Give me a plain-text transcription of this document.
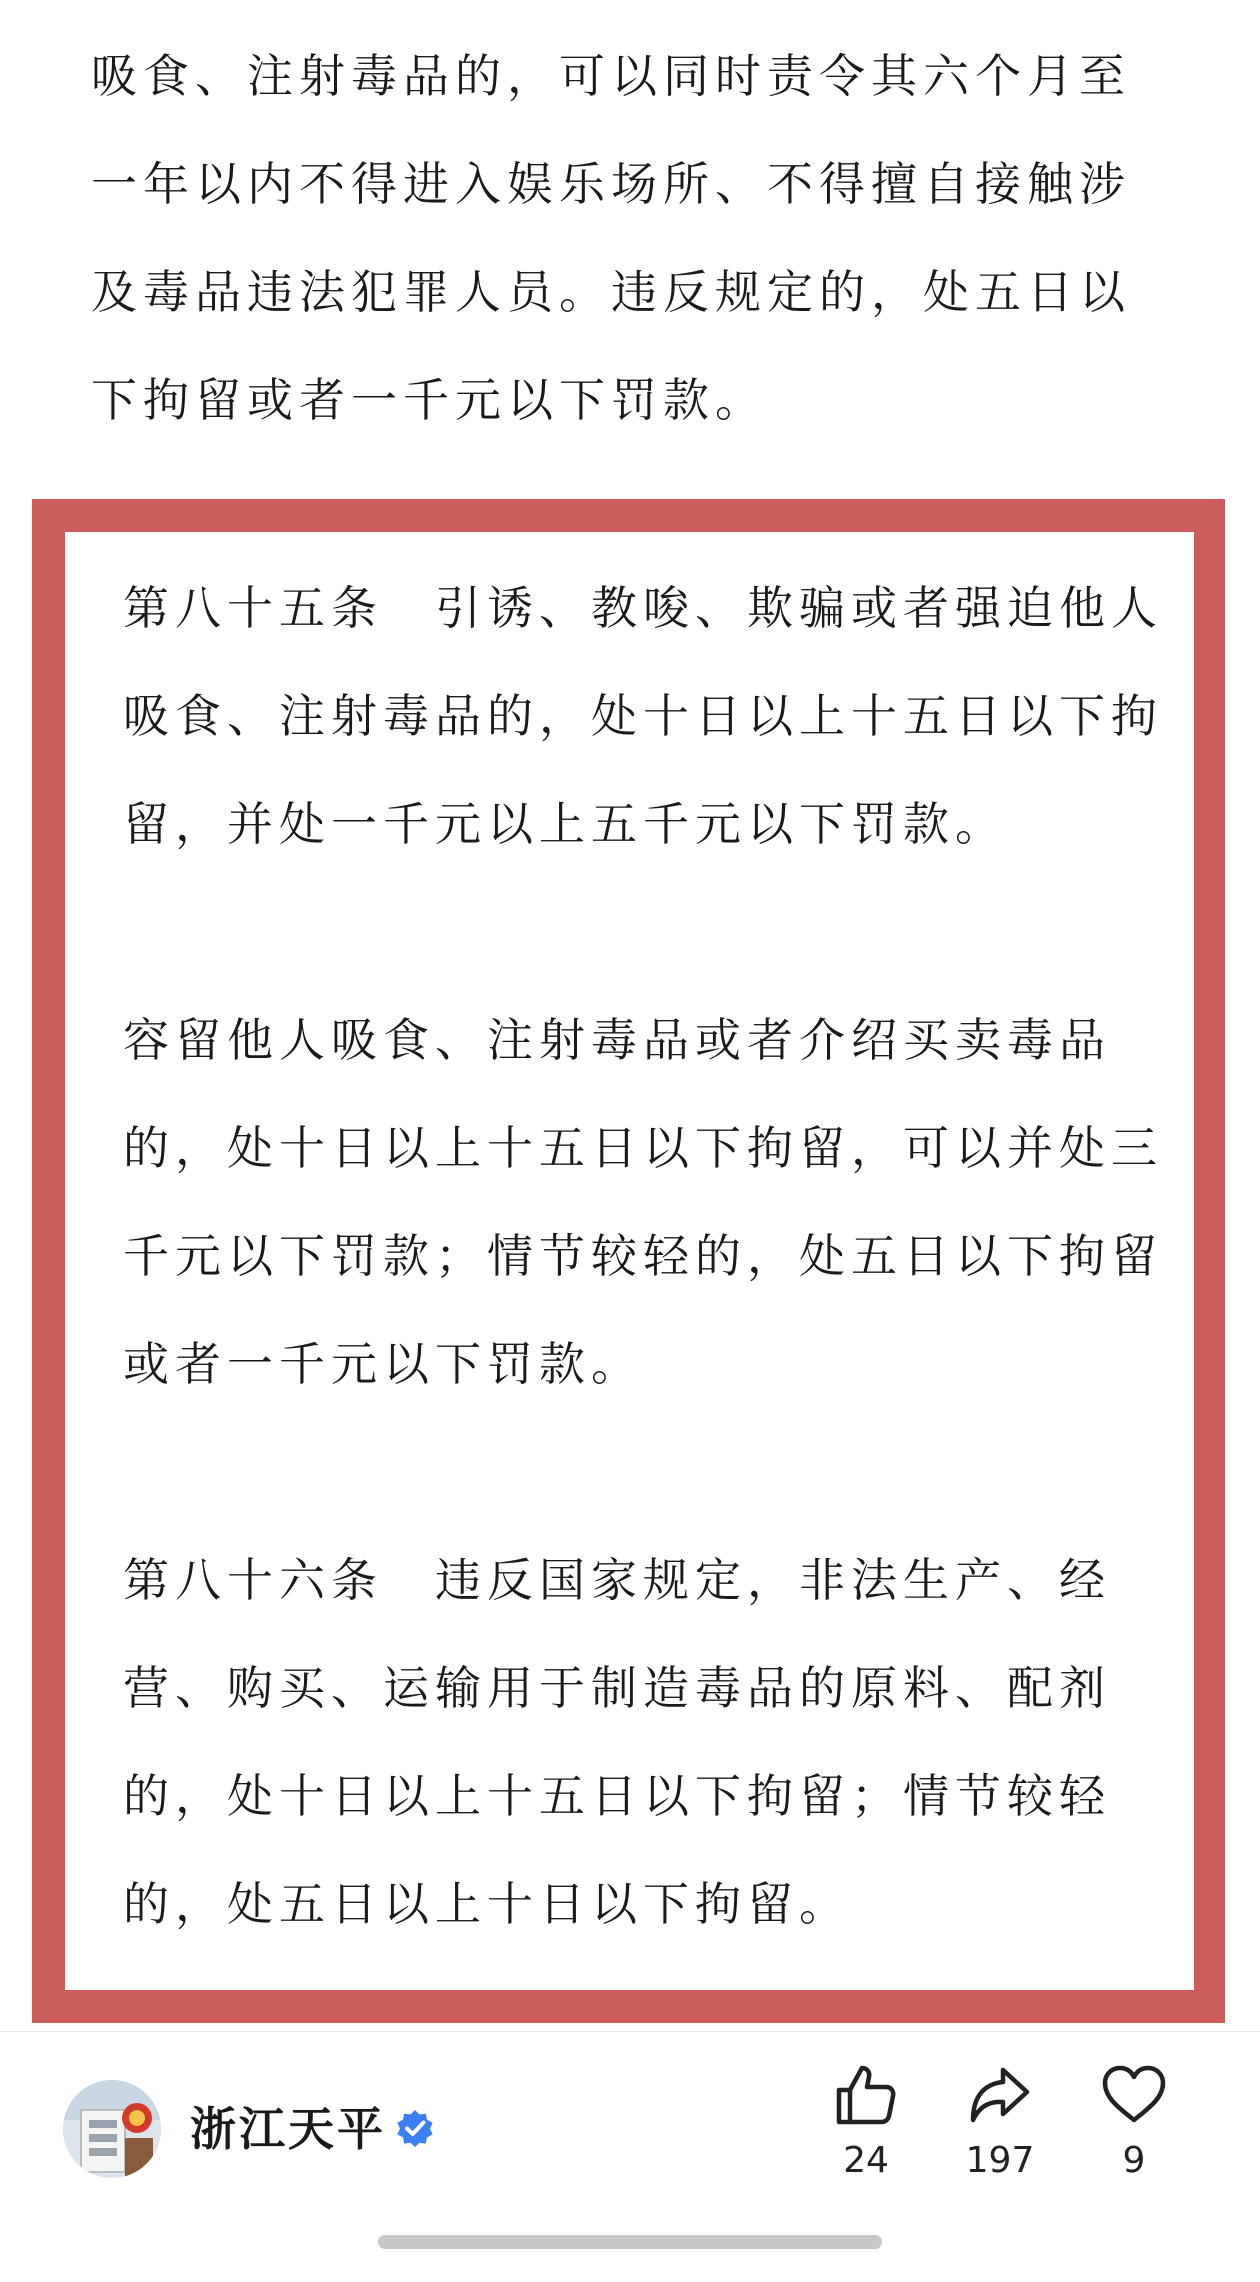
吸食、注射毒品的，可以同时责令其六个月至
一年以内不得进入娱乐场所、不得擅自接触涉
及毒品违法犯罪人员。违反规定的，处五日以
下拘留或者一千元以下罚款。
第八十五条　引诱、教唆、欺骗或者强迫他人
吸食、注射毒品的，处十日以上十五日以下拘
留，并处一千元以上五千元以下罚款。
容留他人吸食、注射毒品或者介绍买卖毒品
的，处十日以上十五日以下拘留，可以并处三
千元以下罚款；情节较轻的，处五日以下拘留
或者一千元以下罚款。
第八十六条　违反国家规定，非法生产、经
营、购买、运输用于制造毒品的原料、配剂
的，处十日以上十五日以下拘留；情节较轻
的，处五日以上十日以下拘留。
浙江天平
24	197	9
